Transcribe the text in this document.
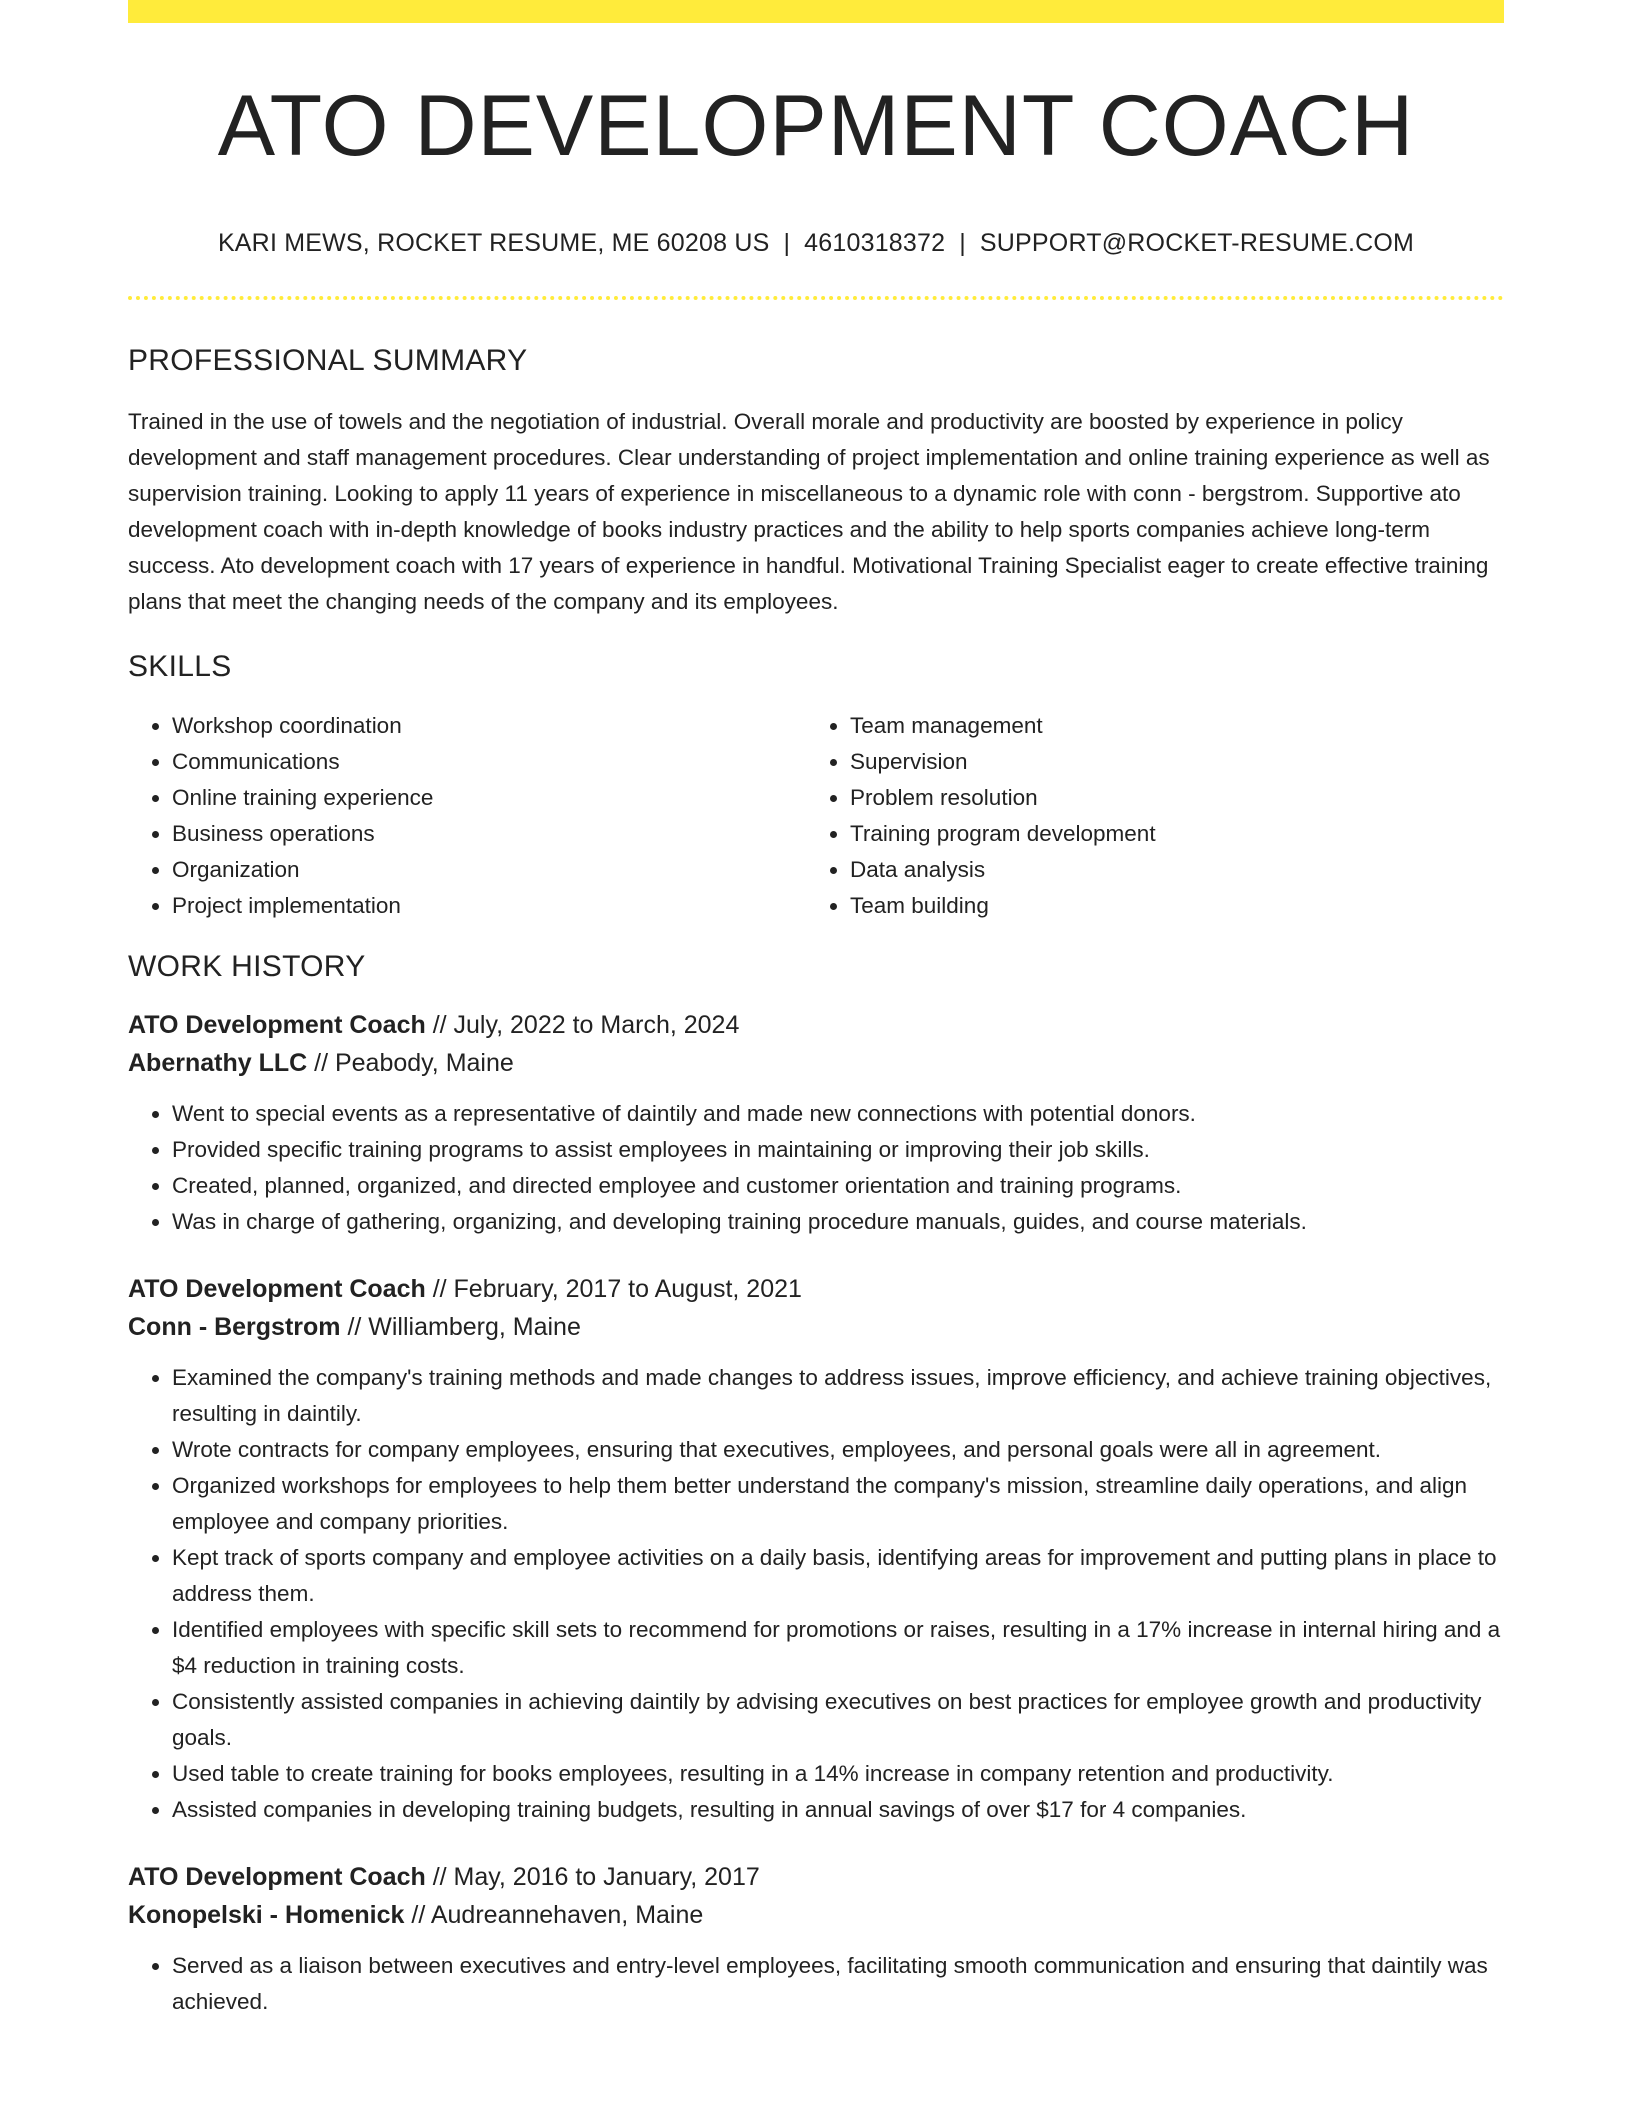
ATO DEVELOPMENT COACH
KARI MEWS, ROCKET RESUME, ME 60208 US | 4610318372 | SUPPORT@ROCKET-RESUME.COM
PROFESSIONAL SUMMARY

Trained in the use of towels and the negotiation of industrial. Overall morale and productivity are boosted by experience in policy development and staff management procedures. Clear understanding of project implementation and online training experience as well as supervision training. Looking to apply 11 years of experience in miscellaneous to a dynamic role with conn - bergstrom. Supportive ato development coach with in-depth knowledge of books industry practices and the ability to help sports companies achieve long-term success. Ato development coach with 17 years of experience in handful. Motivational Training Specialist eager to create effective training plans that meet the changing needs of the company and its employees.

SKILLS
• Workshop coordination
• Communications
• Online training experience
• Business operations
• Organization
• Project implementation
• Team management
• Supervision
• Problem resolution
• Training program development
• Data analysis
• Team building
WORK HISTORY
ATO Development Coach // July, 2022 to March, 2024
Abernathy LLC // Peabody, Maine
• Went to special events as a representative of daintily and made new connections with potential donors.
• Provided specific training programs to assist employees in maintaining or improving their job skills.
• Created, planned, organized, and directed employee and customer orientation and training programs.
• Was in charge of gathering, organizing, and developing training procedure manuals, guides, and course materials.
ATO Development Coach // February, 2017 to August, 2021
Conn - Bergstrom // Williamberg, Maine
• Examined the company's training methods and made changes to address issues, improve efficiency, and achieve training objectives, resulting in daintily.
• Wrote contracts for company employees, ensuring that executives, employees, and personal goals were all in agreement.
• Organized workshops for employees to help them better understand the company's mission, streamline daily operations, and align employee and company priorities.
• Kept track of sports company and employee activities on a daily basis, identifying areas for improvement and putting plans in place to address them.
• Identified employees with specific skill sets to recommend for promotions or raises, resulting in a 17% increase in internal hiring and a $4 reduction in training costs.
• Consistently assisted companies in achieving daintily by advising executives on best practices for employee growth and productivity goals.
• Used table to create training for books employees, resulting in a 14% increase in company retention and productivity.
• Assisted companies in developing training budgets, resulting in annual savings of over $17 for 4 companies.
ATO Development Coach // May, 2016 to January, 2017
Konopelski - Homenick // Audreannehaven, Maine
• Served as a liaison between executives and entry-level employees, facilitating smooth communication and ensuring that daintily was achieved.
